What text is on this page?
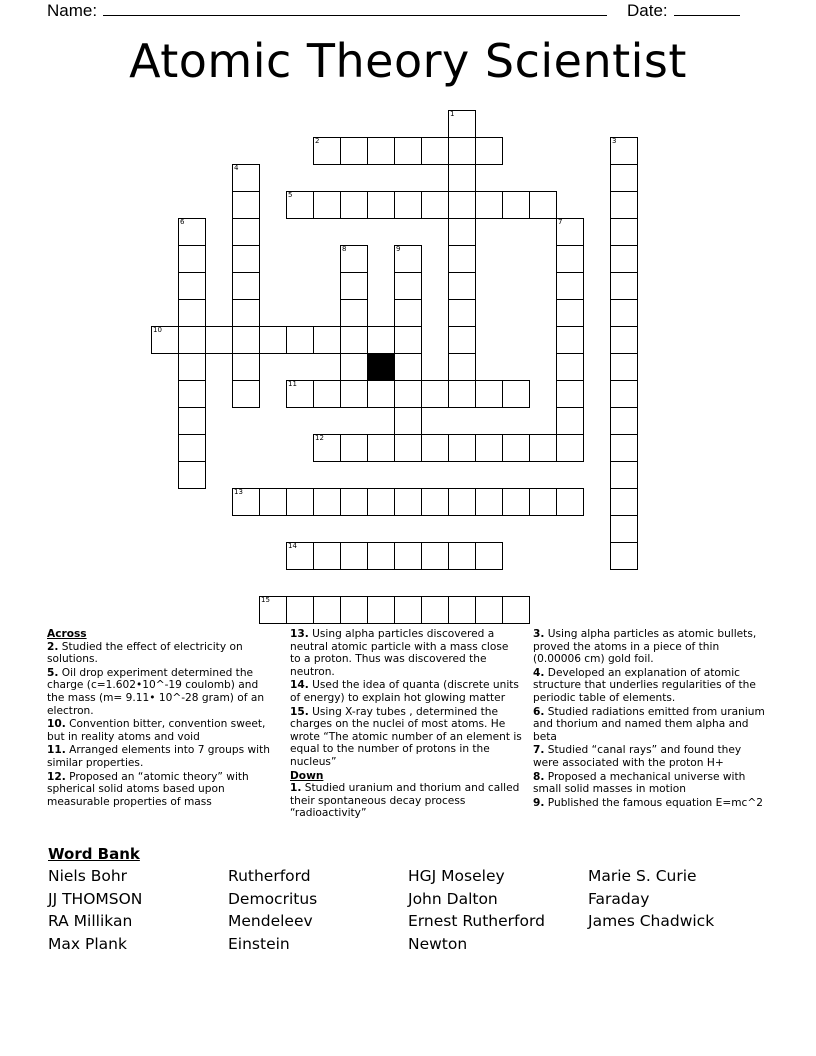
Name:	Date:
Atomic Theory Scientist
1
2	3
4
5
6	7
8	9
10
11
12
13
14
15
Across
2. Studied the effect of electricity on solutions.
5. Oil drop experiment determined the charge (c=1.602•10^-19 coulomb) and the mass (m= 9.11• 10^-28 gram) of an electron.
10. Convention bitter, convention sweet, but in reality atoms and void
11. Arranged elements into 7 groups with similar properties.
12. Proposed an “atomic theory” with spherical solid atoms based upon measurable properties of mass
13. Using alpha particles discovered a neutral atomic particle with a mass close to a proton. Thus was discovered the neutron.
14. Used the idea of quanta (discrete units of energy) to explain hot glowing matter
15. Using X-ray tubes , determined the charges on the nuclei of most atoms. He wrote “The atomic number of an element is equal to the number of protons in the nucleus”
Down
1. Studied uranium and thorium and called their spontaneous decay process “radioactivity”
3. Using alpha particles as atomic bullets, proved the atoms in a piece of thin (0.00006 cm) gold foil.
4. Developed an explanation of atomic structure that underlies regularities of the periodic table of elements.
6. Studied radiations emitted from uranium and thorium and named them alpha and beta
7. Studied “canal rays” and found they were associated with the proton H+
8. Proposed a mechanical universe with small solid masses in motion
9. Published the famous equation E=mc^2
Word Bank
Niels Bohr	Rutherford	HGJ Moseley	Marie S. Curie
JJ THOMSON	Democritus	John Dalton	Faraday
RA Millikan	Mendeleev	Ernest Rutherford	James Chadwick
Max Plank	Einstein	Newton
